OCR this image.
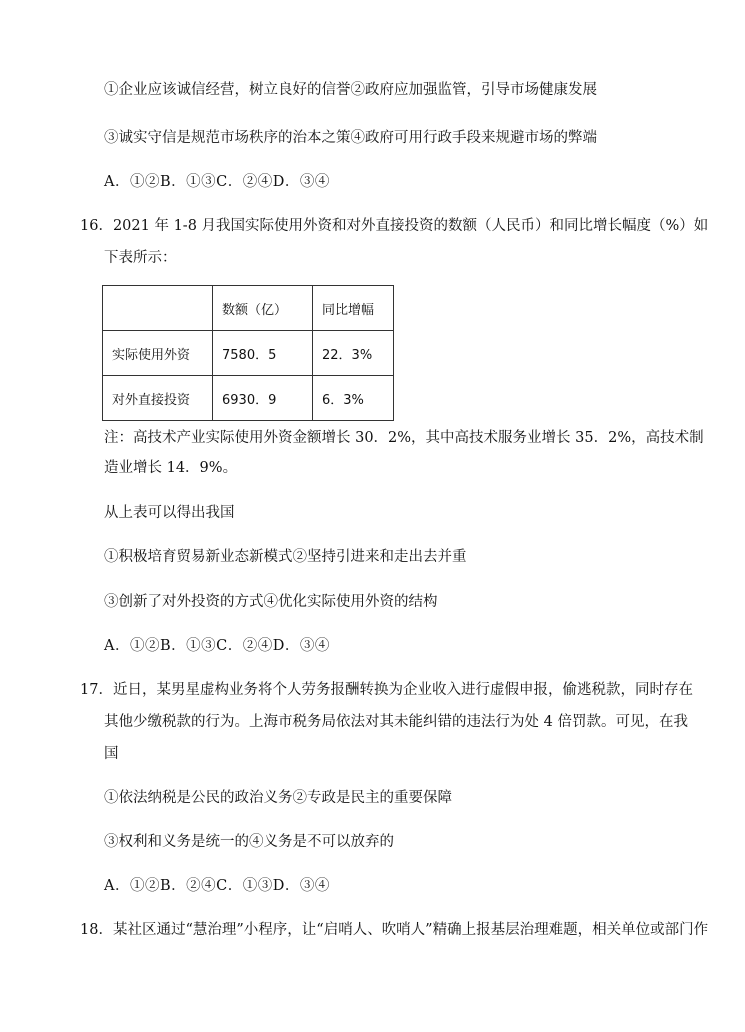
①企业应该诚信经营，树立良好的信誉②政府应加强监管，引导市场健康发展
③诚实守信是规范市场秩序的治本之策④政府可用行政手段来规避市场的弊端
A．①②B．①③C．②④D．③④
16．2021 年 1-8 月我国实际使用外资和对外直接投资的数额（人民币）和同比增长幅度（%）如
下表所示：
	数额（亿）	同比增幅
实际使用外资	7580．5	22．3%
对外直接投资	6930．9	6．3%
注：高技术产业实际使用外资金额增长 30．2%，其中高技术服务业增长 35．2%，高技术制
造业增长 14．9%。
从上表可以得出我国
①积极培育贸易新业态新模式②坚持引进来和走出去并重
③创新了对外投资的方式④优化实际使用外资的结构
A．①②B．①③C．②④D．③④
17．近日，某男星虚构业务将个人劳务报酬转换为企业收入进行虚假申报，偷逃税款，同时存在
其他少缴税款的行为。上海市税务局依法对其未能纠错的违法行为处 4 倍罚款。可见，在我
国
①依法纳税是公民的政治义务②专政是民主的重要保障
③权利和义务是统一的④义务是不可以放弃的
A．①②B．②④C．①③D．③④
18．某社区通过“慧治理”小程序，让“启哨人、吹哨人”精确上报基层治理难题，相关单位或部门作
